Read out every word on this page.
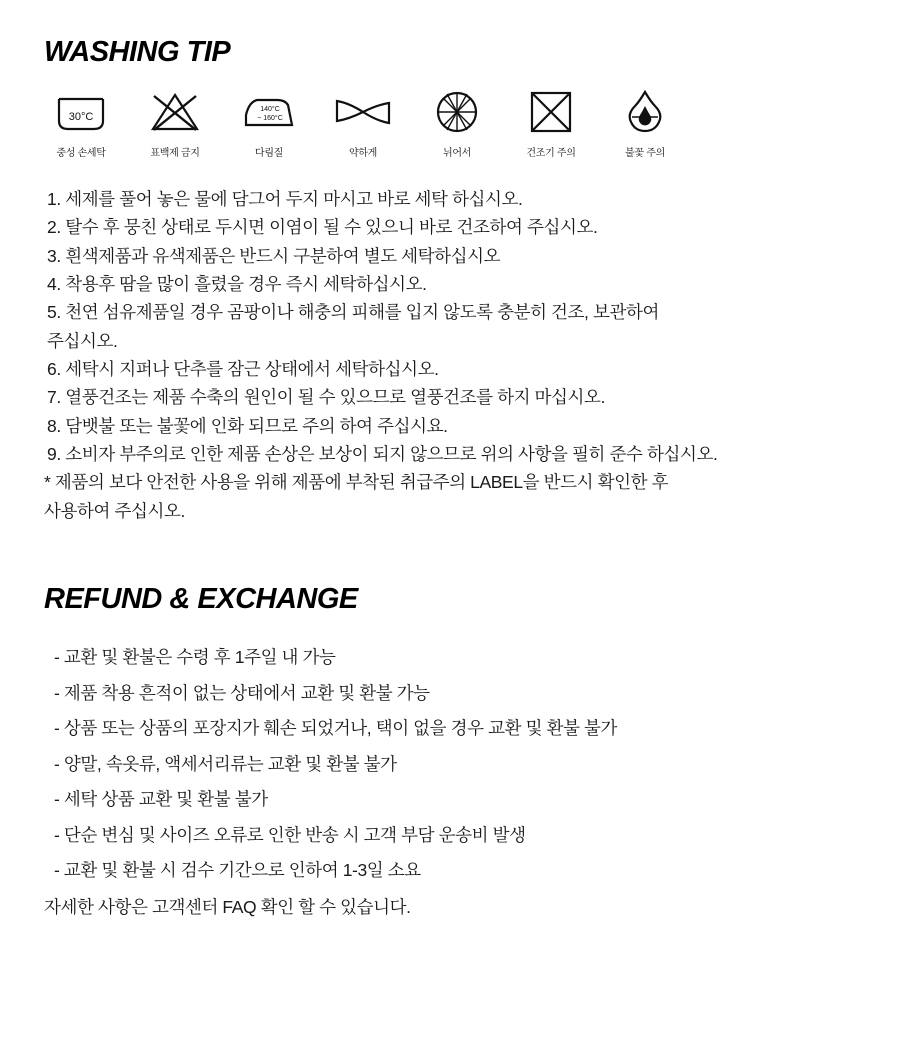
WASHING TIP
30°C
중성 손세탁	표백제 금지
140°C
~ 160°C
다림질	약하게	뉘어서	건조기 주의	불꽃 주의
1. 세제를 풀어 놓은 물에 담그어 두지 마시고 바로 세탁 하십시오.
2. 탈수 후 뭉친 상태로 두시면 이염이 될 수 있으니 바로 건조하여 주십시오.
3. 흰색제품과 유색제품은 반드시 구분하여 별도 세탁하십시오
4. 착용후 땀을 많이 흘렸을 경우 즉시 세탁하십시오.
5. 천연 섬유제품일 경우 곰팡이나 해충의 피해를 입지 않도록 충분히 건조, 보관하여
주십시오.
6. 세탁시 지퍼나 단추를 잠근 상태에서 세탁하십시오.
7. 열풍건조는 제품 수축의 원인이 될 수 있으므로 열풍건조를 하지 마십시오.
8. 담뱃불 또는 불꽃에 인화 되므로 주의 하여 주십시요.
9. 소비자 부주의로 인한 제품 손상은 보상이 되지 않으므로 위의 사항을 필히 준수 하십시오.

* 제품의 보다 안전한 사용을 위해 제품에 부착된 취급주의 LABEL을 반드시 확인한 후

사용하여 주십시오.

REFUND & EXCHANGE
- 교환 및 환불은 수령 후 1주일 내 가능
- 제품 착용 흔적이 없는 상태에서 교환 및 환불 가능
- 상품 또는 상품의 포장지가 훼손 되었거나, 택이 없을 경우 교환 및 환불 불가
- 양말, 속옷류, 액세서리류는 교환 및 환불 불가
- 세탁 상품 교환 및 환불 불가
- 단순 변심 및 사이즈 오류로 인한 반송 시 고객 부담 운송비 발생
- 교환 및 환불 시 검수 기간으로 인하여 1-3일 소요

자세한 사항은 고객센터 FAQ 확인 할 수 있습니다.
